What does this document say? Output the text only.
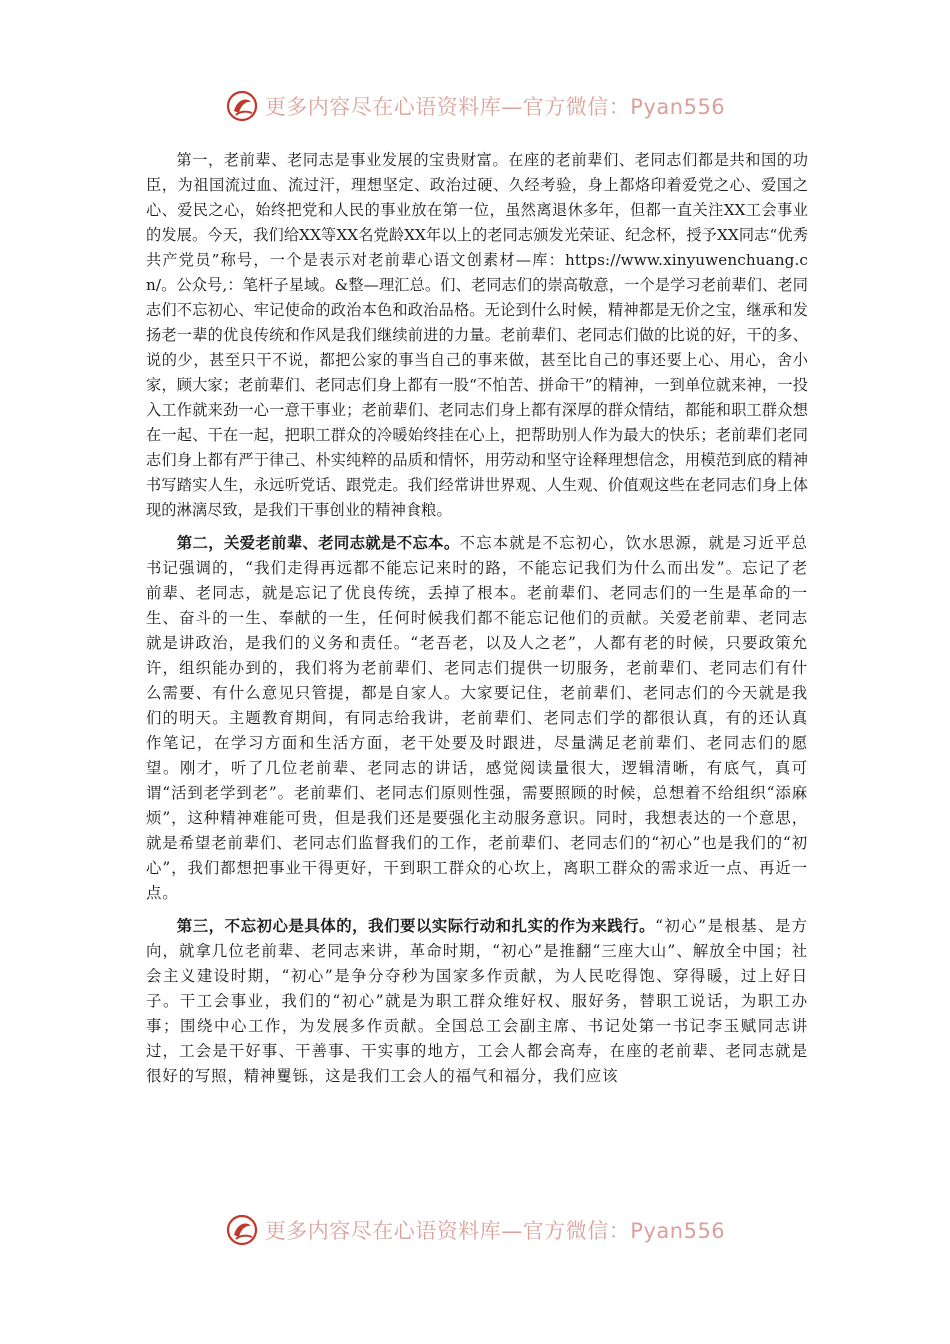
更多内容尽在心语资料库—官方微信：Pyan556

第一，老前辈、老同志是事业发展的宝贵财富。在座的老前辈们、老同志们都是共和国的功臣，为祖国流过血、流过汗，理想坚定、政治过硬、久经考验，身上都烙印着爱党之心、爱国之心、爱民之心，始终把党和人民的事业放在第一位，虽然离退休多年，但都一直关注XX工会事业的发展。今天，我们给XX等XX名党龄XX年以上的老同志颁发光荣证、纪念杯，授予XX同志“优秀共产党员”称号，一个是表示对老前辈心语文创素材—库：https://www.xinyuwenchuang.cn/。公众号,：笔杆子星域。&整—理汇总。们、老同志们的崇高敬意，一个是学习老前辈们、老同志们不忘初心、牢记使命的政治本色和政治品格。无论到什么时候，精神都是无价之宝，继承和发扬老一辈的优良传统和作风是我们继续前进的力量。老前辈们、老同志们做的比说的好，干的多、说的少，甚至只干不说，都把公家的事当自己的事来做，甚至比自己的事还要上心、用心，舍小家，顾大家；老前辈们、老同志们身上都有一股“不怕苦、拼命干”的精神，一到单位就来神，一投入工作就来劲一心一意干事业；老前辈们、老同志们身上都有深厚的群众情结，都能和职工群众想在一起、干在一起，把职工群众的冷暖始终挂在心上，把帮助别人作为最大的快乐；老前辈们老同志们身上都有严于律己、朴实纯粹的品质和情怀，用劳动和坚守诠释理想信念，用模范到底的精神书写踏实人生，永远听党话、跟党走。我们经常讲世界观、人生观、价值观这些在老同志们身上体现的淋漓尽致，是我们干事创业的精神食粮。

第二，关爱老前辈、老同志就是不忘本。不忘本就是不忘初心，饮水思源，就是习近平总书记强调的，“我们走得再远都不能忘记来时的路，不能忘记我们为什么而出发”。忘记了老前辈、老同志，就是忘记了优良传统，丢掉了根本。老前辈们、老同志们的一生是革命的一生、奋斗的一生、奉献的一生，任何时候我们都不能忘记他们的贡献。关爱老前辈、老同志就是讲政治，是我们的义务和责任。“老吾老，以及人之老”，人都有老的时候，只要政策允许，组织能办到的，我们将为老前辈们、老同志们提供一切服务，老前辈们、老同志们有什么需要、有什么意见只管提，都是自家人。大家要记住，老前辈们、老同志们的今天就是我们的明天。主题教育期间，有同志给我讲，老前辈们、老同志们学的都很认真，有的还认真作笔记，在学习方面和生活方面，老干处要及时跟进，尽量满足老前辈们、老同志们的愿望。刚才，听了几位老前辈、老同志的讲话，感觉阅读量很大，逻辑清晰，有底气，真可谓“活到老学到老”。老前辈们、老同志们原则性强，需要照顾的时候，总想着不给组织“添麻烦”，这种精神难能可贵，但是我们还是要强化主动服务意识。同时，我想表达的一个意思，就是希望老前辈们、老同志们监督我们的工作，老前辈们、老同志们的“初心”也是我们的“初心”，我们都想把事业干得更好，干到职工群众的心坎上，离职工群众的需求近一点、再近一点。

第三，不忘初心是具体的，我们要以实际行动和扎实的作为来践行。“初心”是根基、是方向，就拿几位老前辈、老同志来讲，革命时期，“初心”是推翻“三座大山”、解放全中国；社会主义建设时期，“初心”是争分夺秒为国家多作贡献，为人民吃得饱、穿得暖，过上好日子。干工会事业，我们的“初心”就是为职工群众维好权、服好务，替职工说话，为职工办事；围绕中心工作，为发展多作贡献。全国总工会副主席、书记处第一书记李玉赋同志讲过，工会是干好事、干善事、干实事的地方，工会人都会高寿，在座的老前辈、老同志就是很好的写照，精神矍铄，这是我们工会人的福气和福分，我们应该

更多内容尽在心语资料库—官方微信：Pyan556
